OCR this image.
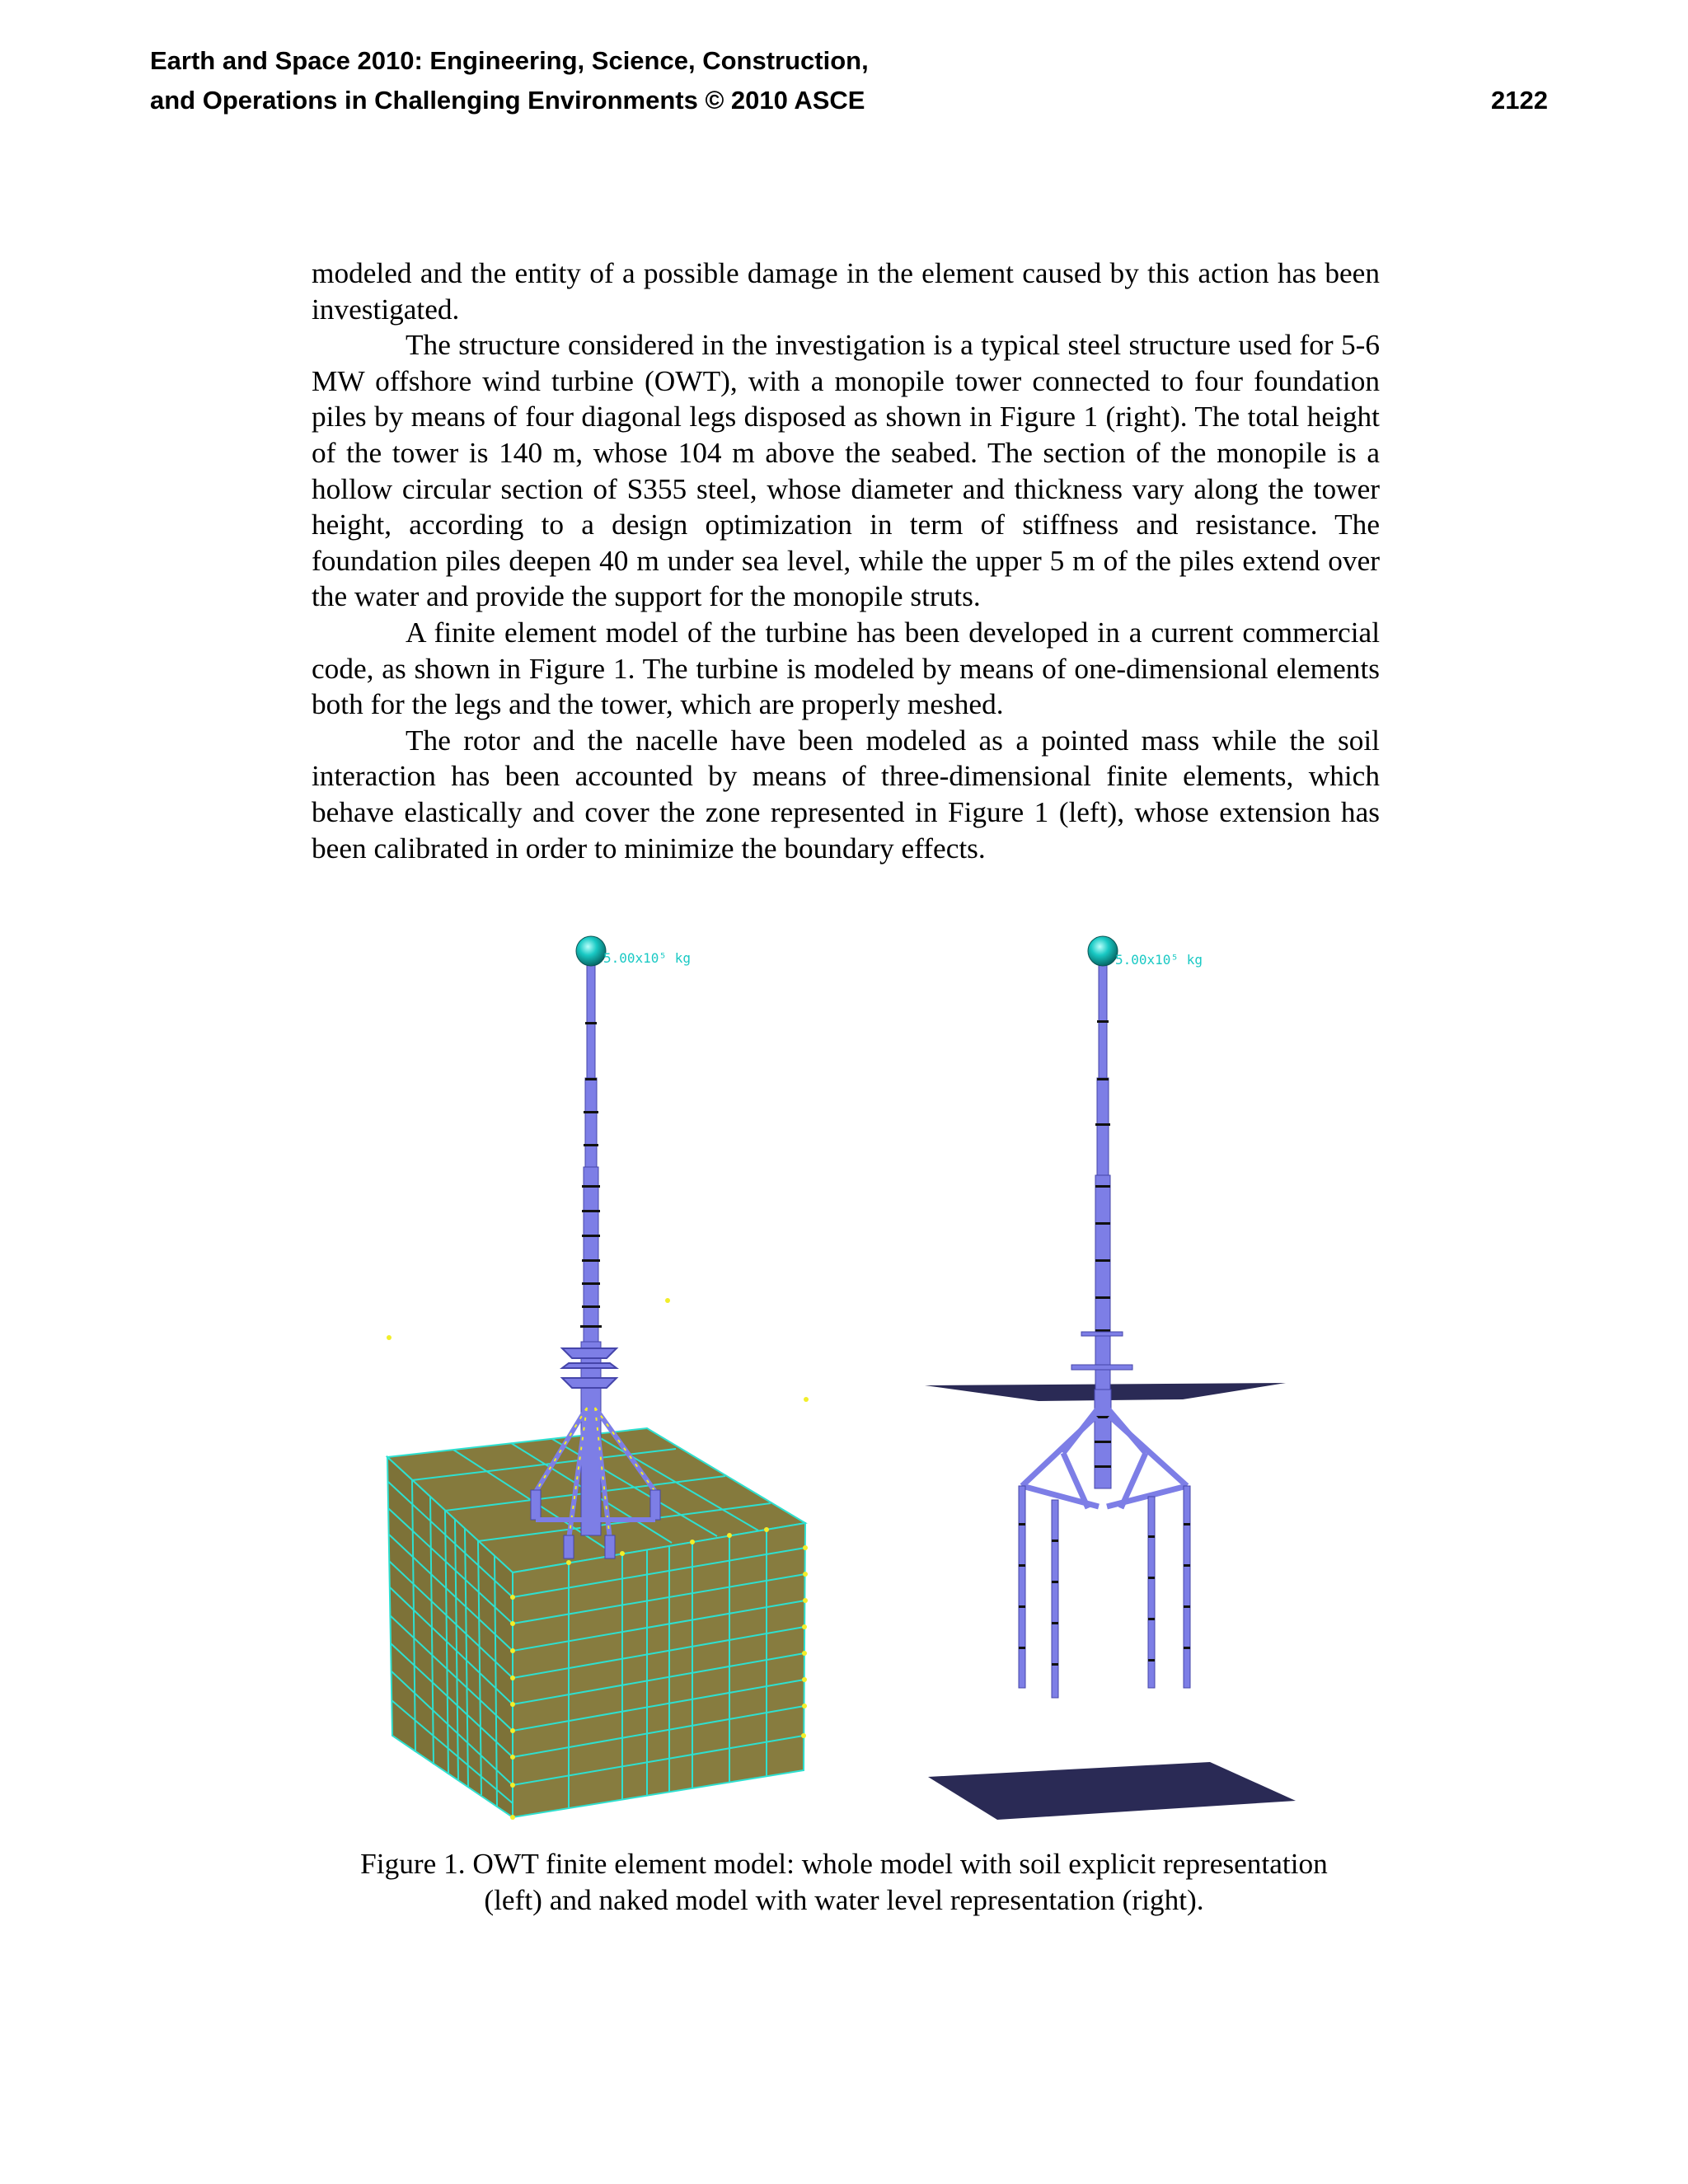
Earth and Space 2010: Engineering, Science, Construction,
and Operations in Challenging Environments © 2010 ASCE	2122

modeled and the entity of a possible damage in the element caused by this action has been investigated.

The structure considered in the investigation is a typical steel structure used for 5-6 MW offshore wind turbine (OWT), with a monopile tower connected to four foundation piles by means of four diagonal legs disposed as shown in Figure 1 (right). The total height of the tower is 140 m, whose 104 m above the seabed. The section of the monopile is a hollow circular section of S355 steel, whose diameter and thickness vary along the tower height, according to a design optimization in term of stiffness and resistance. The foundation piles deepen 40 m under sea level, while the upper 5 m of the piles extend over the water and provide the support for the monopile struts.

A finite element model of the turbine has been developed in a current commercial code, as shown in Figure 1. The turbine is modeled by means of one-dimensional elements both for the legs and the tower, which are properly meshed.

The rotor and the nacelle have been modeled as a pointed mass while the soil interaction has been accounted by means of three-dimensional finite elements, which behave elastically and cover the zone represented in Figure 1 (left), whose extension has been calibrated in order to minimize the boundary effects.

5.00x10⁵ kg	5.00x10⁵ kg
Figure 1. OWT finite element model: whole model with soil explicit representation
(left) and naked model with water level representation (right).
